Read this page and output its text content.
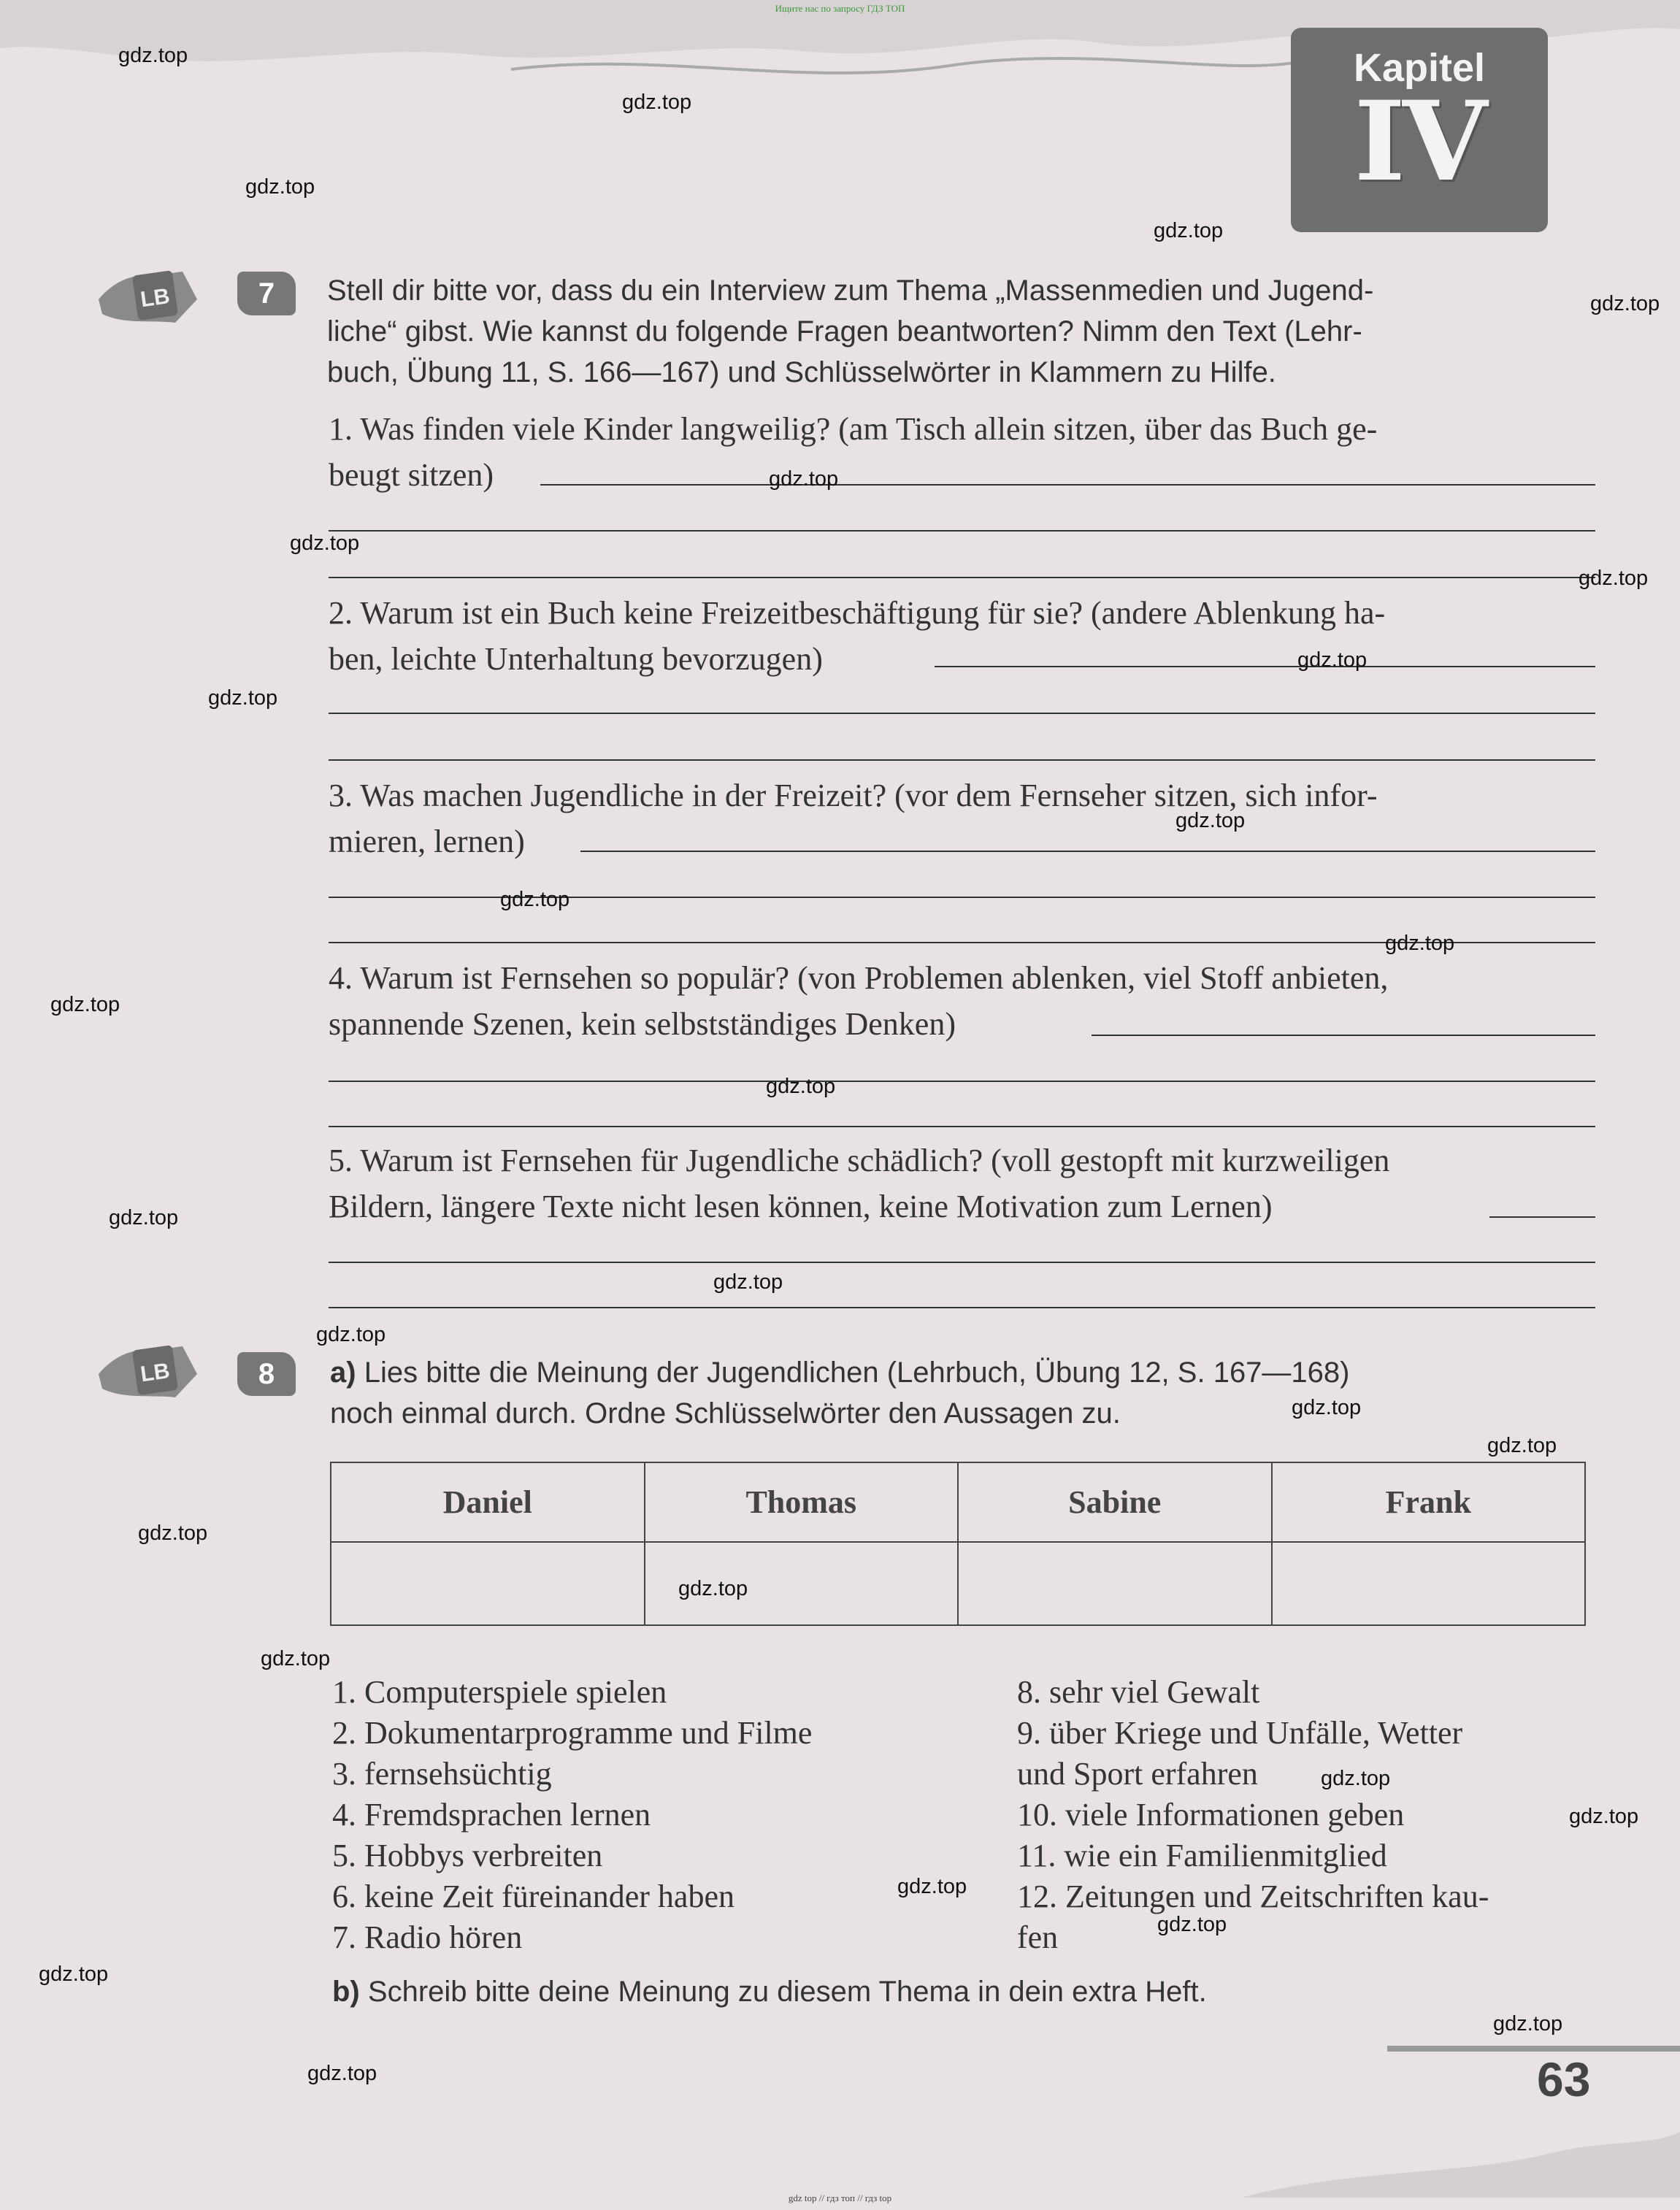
Ищите нас по запросу ГДЗ ТОП
Kapitel
IV
LB	7	Stell dir bitte vor, dass du ein Interview zum Thema „Massenmedien und Jugend-
liche“ gibst. Wie kannst du folgende Fragen beantworten? Nimm den Text (Lehr-
buch, Übung 11, S. 166—167) und Schlüsselwörter in Klammern zu Hilfe.
1. Was finden viele Kinder langweilig? (am Tisch allein sitzen, über das Buch ge-
beugt sitzen)
2. Warum ist ein Buch keine Freizeitbeschäftigung für sie? (andere Ablenkung ha-
ben, leichte Unterhaltung bevorzugen)
3. Was machen Jugendliche in der Freizeit? (vor dem Fernseher sitzen, sich infor-
mieren, lernen)
4. Warum ist Fernsehen so populär? (von Problemen ablenken, viel Stoff anbieten,
spannende Szenen, kein selbstständiges Denken)
5. Warum ist Fernsehen für Jugendliche schädlich? (voll gestopft mit kurzweiligen
Bildern, längere Texte nicht lesen können, keine Motivation zum Lernen)
LB	8	a) Lies bitte die Meinung der Jugendlichen (Lehrbuch, Übung 12, S. 167—168)
noch einmal durch. Ordne Schlüsselwörter den Aussagen zu.
Daniel	Thomas	Sabine	Frank

1. Computerspiele spielen
2. Dokumentarprogramme und Filme
3. fernsehsüchtig
4. Fremdsprachen lernen
5. Hobbys verbreiten
6. keine Zeit füreinander haben
7. Radio hören
8. sehr viel Gewalt
9. über Kriege und Unfälle, Wetter
und Sport erfahren
10. viele Informationen geben
11. wie ein Familienmitglied
12. Zeitungen und Zeitschriften kau-
fen
b) Schreib bitte deine Meinung zu diesem Thema in dein extra Heft.
63
gdz.top
gdz.top
gdz.top
gdz.top
gdz.top
gdz.top
gdz.top
gdz.top
gdz.top
gdz.top
gdz.top
gdz.top
gdz.top
gdz.top
gdz.top
gdz.top
gdz.top
gdz.top
gdz.top
gdz.top
gdz.top
gdz.top
gdz.top
gdz.top
gdz.top
gdz.top
gdz.top
gdz.top
gdz.top
gdz.top
gdz top // гдз топ // гдз top
